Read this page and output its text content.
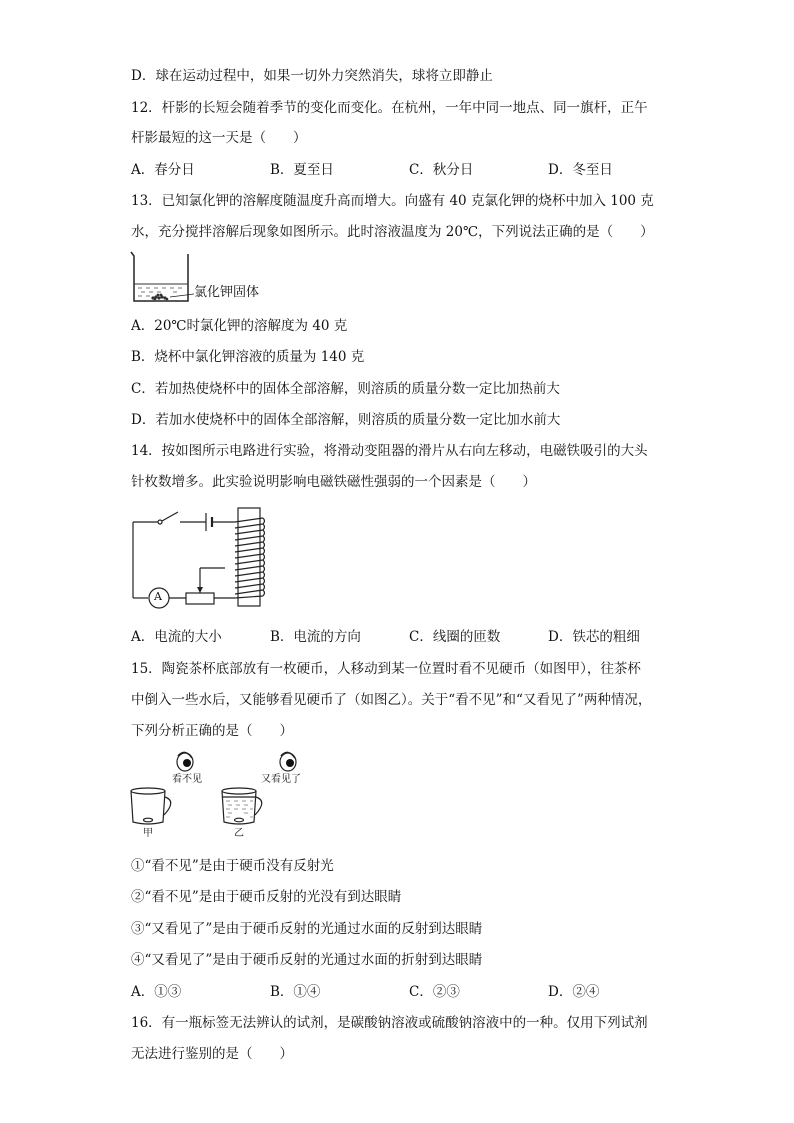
D．球在运动过程中，如果一切外力突然消失，球将立即静止
12．杆影的长短会随着季节的变化而变化。在杭州，一年中同一地点、同一旗杆，正午
杆影最短的这一天是（　　）
A．春分日	B．夏至日	C．秋分日	D．冬至日
13．已知氯化钾的溶解度随温度升高而增大。向盛有 40 克氯化钾的烧杯中加入 100 克
水，充分搅拌溶解后现象如图所示。此时溶液温度为 20℃，下列说法正确的是（　　）
氯化钾固体
A．20℃时氯化钾的溶解度为 40 克
B．烧杯中氯化钾溶液的质量为 140 克
C．若加热使烧杯中的固体全部溶解，则溶质的质量分数一定比加热前大
D．若加水使烧杯中的固体全部溶解，则溶质的质量分数一定比加水前大
14．按如图所示电路进行实验，将滑动变阻器的滑片从右向左移动，电磁铁吸引的大头
针枚数增多。此实验说明影响电磁铁磁性强弱的一个因素是（　　）
A
A．电流的大小	B．电流的方向	C．线圈的匝数	D．铁芯的粗细
15．陶瓷茶杯底部放有一枚硬币，人移动到某一位置时看不见硬币（如图甲），往茶杯
中倒入一些水后，又能够看见硬币了（如图乙）。关于“看不见”和“又看见了”两种情况，
下列分析正确的是（　　）
看不见	又看见了
甲	乙
①“看不见”是由于硬币没有反射光
②“看不见”是由于硬币反射的光没有到达眼睛
③“又看见了”是由于硬币反射的光通过水面的反射到达眼睛
④“又看见了”是由于硬币反射的光通过水面的折射到达眼睛
A．①③	B．①④	C．②③	D．②④
16．有一瓶标签无法辨认的试剂，是碳酸钠溶液或硫酸钠溶液中的一种。仅用下列试剂
无法进行鉴别的是（　　）
